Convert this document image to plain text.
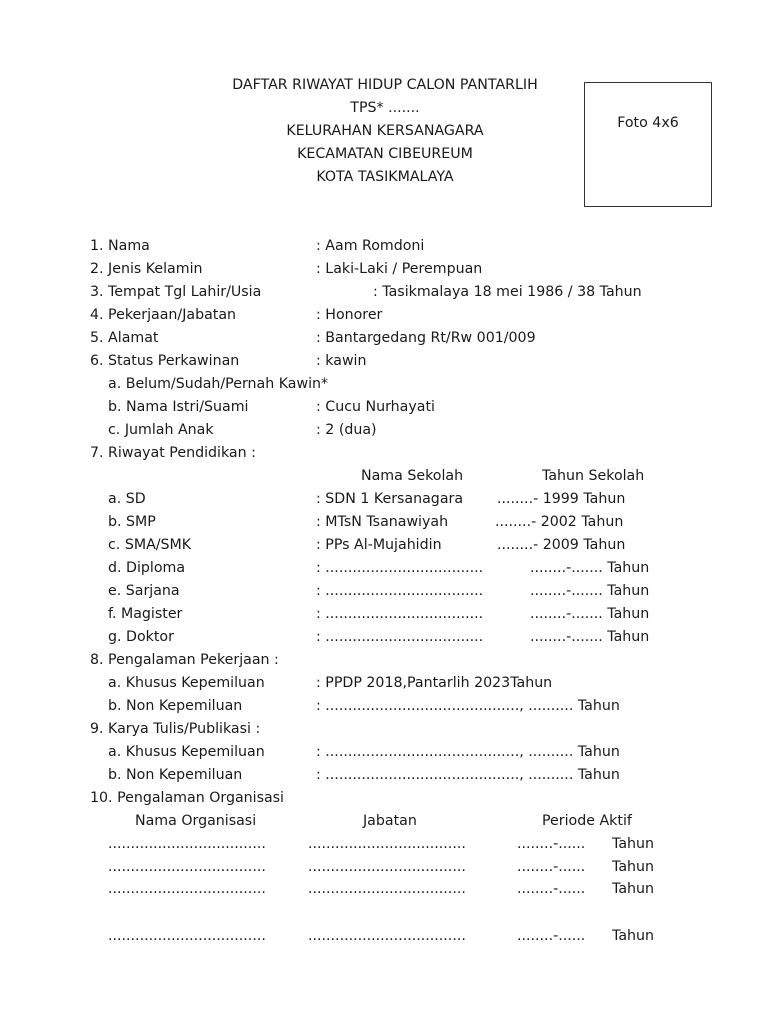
DAFTAR RIWAYAT HIDUP CALON PANTARLIH
TPS* .......
KELURAHAN KERSANAGARA
KECAMATAN CIBEUREUM
KOTA TASIKMALAYA
Foto 4x6
1. Nama	: Aam Romdoni
2. Jenis Kelamin	: Laki-Laki / Perempuan
3. Tempat Tgl Lahir/Usia	: Tasikmalaya 18 mei 1986 / 38 Tahun
4. Pekerjaan/Jabatan	: Honorer
5. Alamat	: Bantargedang Rt/Rw 001/009
6. Status Perkawinan	: kawin
a. Belum/Sudah/Pernah Kawin*
b. Nama Istri/Suami	: Cucu Nurhayati
c. Jumlah Anak	: 2 (dua)
7. Riwayat Pendidikan :
Nama Sekolah	Tahun Sekolah
a. SD	: SDN 1 Kersanagara ........- 1999 Tahun
b. SMP	: MTsN Tsanawiyah	........- 2002 Tahun
c. SMA/SMK	: PPs Al-Mujahidin	........- 2009 Tahun
d. Diploma	: ...................................	........-....... Tahun
e. Sarjana	: ...................................	........-....... Tahun
f. Magister	: ...................................	........-....... Tahun
g. Doktor	: ...................................	........-....... Tahun
8. Pengalaman Pekerjaan :
a. Khusus Kepemiluan	: PPDP 2018,Pantarlih 2023Tahun
b. Non Kepemiluan	: ..........................................., .......... Tahun
9. Karya Tulis/Publikasi :
a. Khusus Kepemiluan	: ..........................................., .......... Tahun
b. Non Kepemiluan	: ..........................................., .......... Tahun
10. Pengalaman Organisasi
Nama Organisasi	Jabatan	Periode Aktif
...................................	...................................	........-...... Tahun
...................................	...................................	........-...... Tahun
...................................	...................................	........-...... Tahun
...................................	...................................	........-...... Tahun
